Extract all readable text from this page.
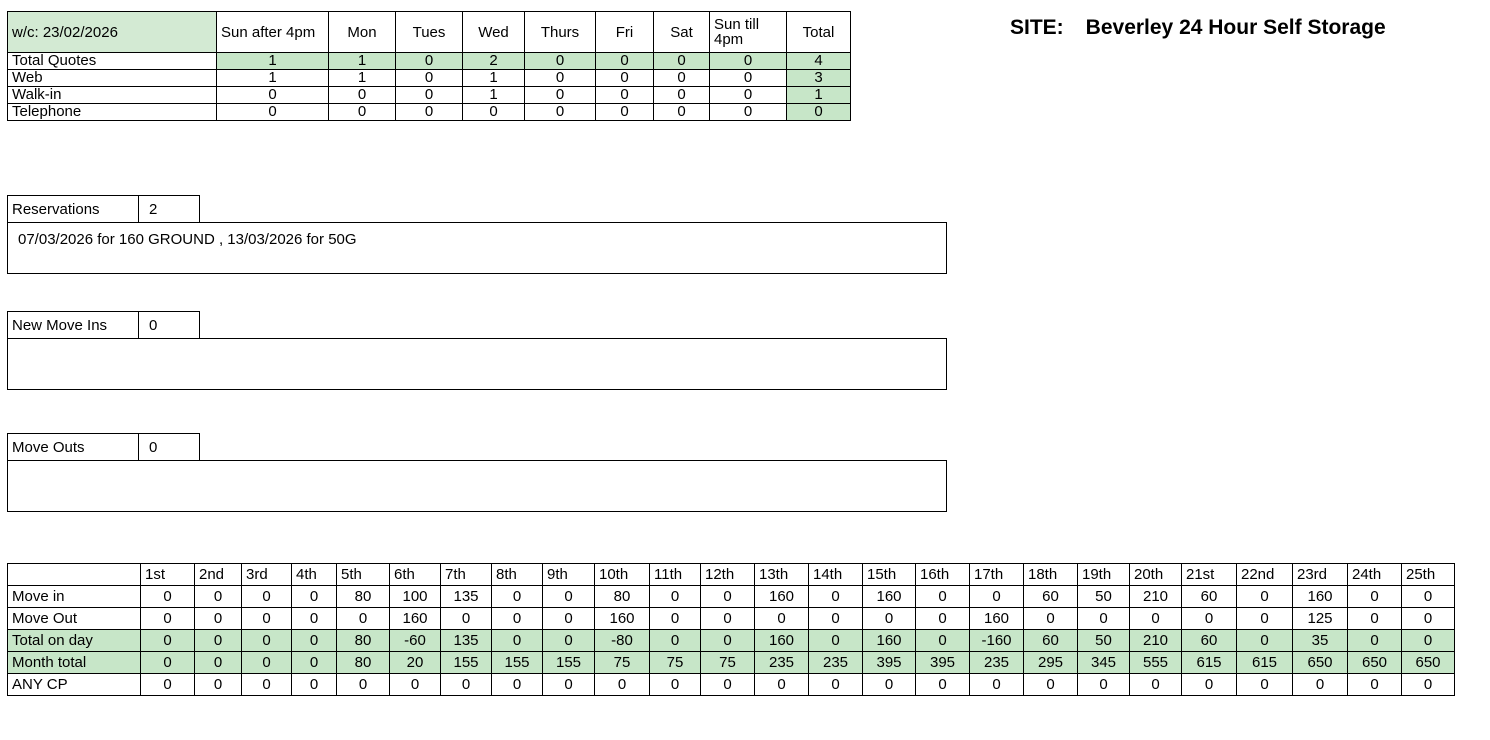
w/c: 23/02/2026	Sun after 4pm	Mon	Tues	Wed	Thurs	Fri	Sat	Sun till 4pm	Total	
Total Quotes	1	1	0	2	0	0	0	0	4	
Web	1	1	0	1	0	0	0	0	3	
Walk-in	0	0	0	1	0	0	0	0	1	
Telephone	0	0	0	0	0	0	0	0	0	
SITE: Beverley 24 Hour Self Storage
Reservations	2
07/03/2026 for 160 GROUND , 13/03/2026 for 50G
New Move Ins	0
Move Outs	0
	1st	2nd	3rd	4th	5th	6th	7th	8th	9th	10th	11th	12th	13th	14th	15th	16th	17th	18th	19th	20th	21st	22nd	23rd	24th	25th
Move in	0	0	0	0	80	100	135	0	0	80	0	0	160	0	160	0	0	60	50	210	60	0	160	0	0
Move Out	0	0	0	0	0	160	0	0	0	160	0	0	0	0	0	0	160	0	0	0	0	0	125	0	0
Total on day	0	0	0	0	80	-60	135	0	0	-80	0	0	160	0	160	0	-160	60	50	210	60	0	35	0	0
Month total	0	0	0	0	80	20	155	155	155	75	75	75	235	235	395	395	235	295	345	555	615	615	650	650	650
ANY CP	0	0	0	0	0	0	0	0	0	0	0	0	0	0	0	0	0	0	0	0	0	0	0	0	0
